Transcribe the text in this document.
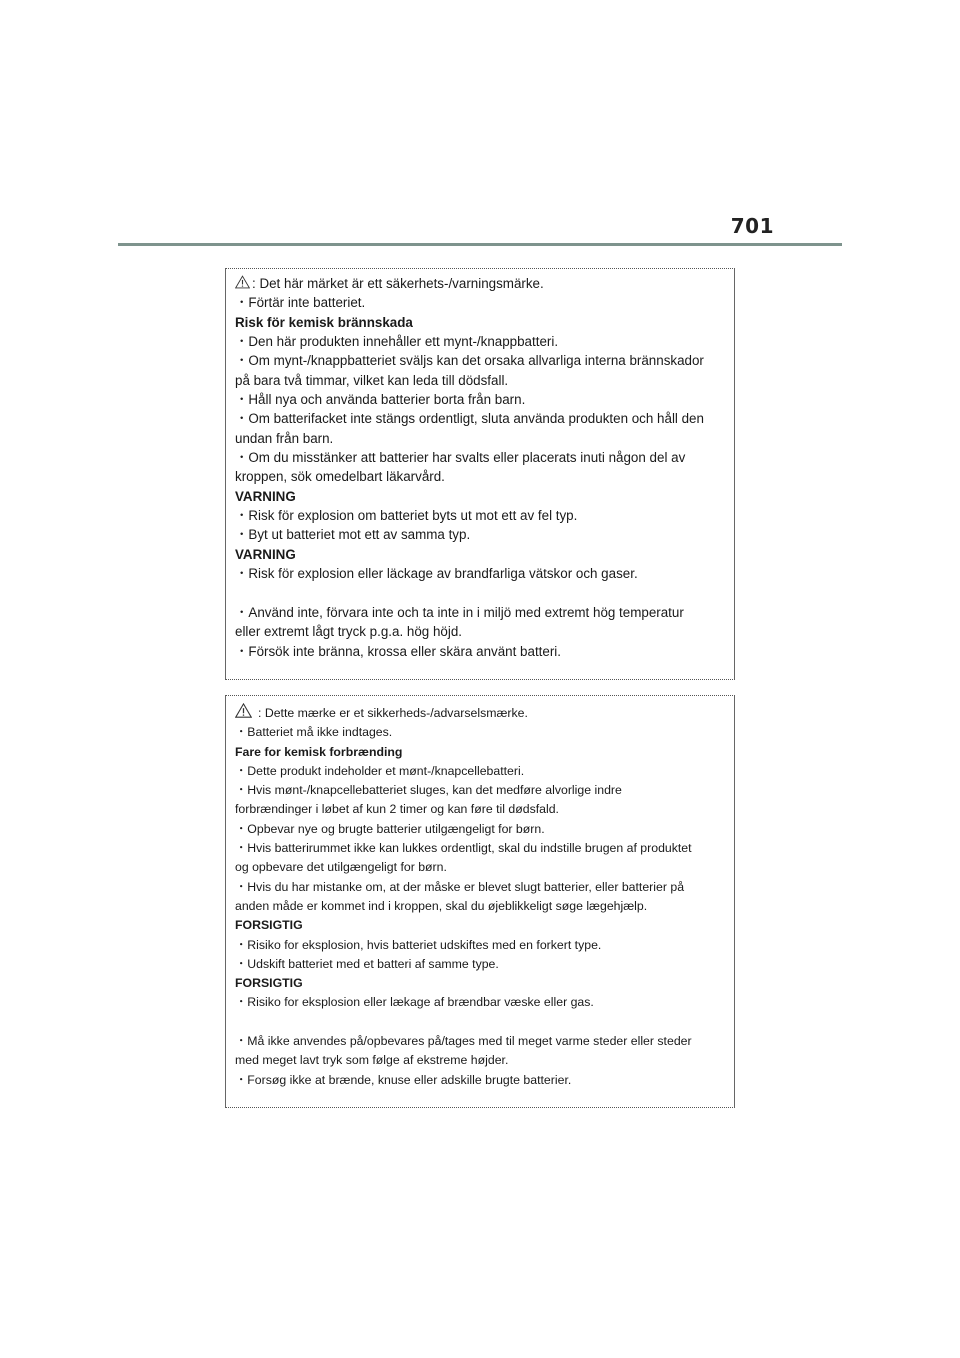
701
: Det här märket är ett säkerhets-/varningsmärke.
・Förtär inte batteriet.
Risk för kemisk brännskada
・Den här produkten innehåller ett mynt-/knappbatteri.
・Om mynt-/knappbatteriet sväljs kan det orsaka allvarliga interna brännskador
på bara två timmar, vilket kan leda till dödsfall.
・Håll nya och använda batterier borta från barn.
・Om batterifacket inte stängs ordentligt, sluta använda produkten och håll den
undan från barn.
・Om du misstänker att batterier har svalts eller placerats inuti någon del av
kroppen, sök omedelbart läkarvård.
VARNING
・Risk för explosion om batteriet byts ut mot ett av fel typ.
・Byt ut batteriet mot ett av samma typ.
VARNING
・Risk för explosion eller läckage av brandfarliga vätskor och gaser.
・Använd inte, förvara inte och ta inte in i miljö med extremt hög temperatur
eller extremt lågt tryck p.g.a. hög höjd.
・Försök inte bränna, krossa eller skära använt batteri.
: Dette mærke er et sikkerheds-/advarselsmærke.
・Batteriet må ikke indtages.
Fare for kemisk forbrænding
・Dette produkt indeholder et mønt-/knapcellebatteri.
・Hvis mønt-/knapcellebatteriet sluges, kan det medføre alvorlige indre
forbrændinger i løbet af kun 2 timer og kan føre til dødsfald.
・Opbevar nye og brugte batterier utilgængeligt for børn.
・Hvis batterirummet ikke kan lukkes ordentligt, skal du indstille brugen af produktet
og opbevare det utilgængeligt for børn.
・Hvis du har mistanke om, at der måske er blevet slugt batterier, eller batterier på
anden måde er kommet ind i kroppen, skal du øjeblikkeligt søge lægehjælp.
FORSIGTIG
・Risiko for eksplosion, hvis batteriet udskiftes med en forkert type.
・Udskift batteriet med et batteri af samme type.
FORSIGTIG
・Risiko for eksplosion eller lækage af brændbar væske eller gas.
・Må ikke anvendes på/opbevares på/tages med til meget varme steder eller steder
med meget lavt tryk som følge af ekstreme højder.
・Forsøg ikke at brænde, knuse eller adskille brugte batterier.
